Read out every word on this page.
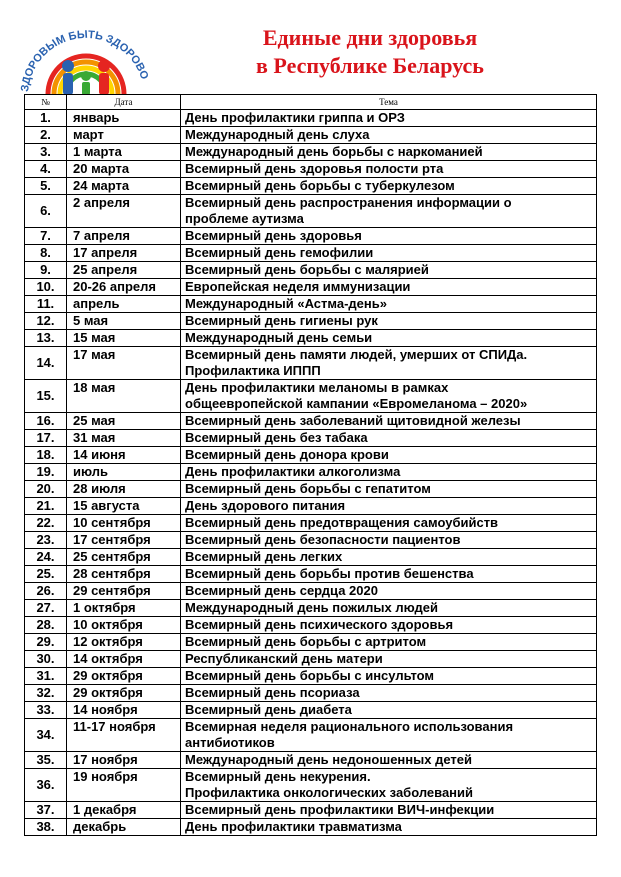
ЗДОРОВЫМ БЫТЬ ЗДОРОВО
Единые дни здоровья
в Республике Беларусь
№	Дата	Тема
1.	январь	День профилактики гриппа и ОРЗ

2.	март	Международный день слуха

3.	1 марта	Международный день борьбы с наркоманией

4.	20 марта	Всемирный день здоровья полости рта

5.	24 марта	Всемирный день борьбы с туберкулезом

6.	2 апреля	Всемирный день распространения информации о
проблеме аутизма

7.	7 апреля	Всемирный день здоровья

8.	17 апреля	Всемирный день гемофилии

9.	25 апреля	Всемирный день борьбы с малярией

10.	20-26 апреля	Европейская неделя иммунизации

11.	апрель	Международный «Астма-день»

12.	5 мая	Всемирный день гигиены рук

13.	15 мая	Международный день семьи

14.	17 мая	Всемирный день памяти людей, умерших от СПИДа.
Профилактика ИППП

15.	18 мая	День профилактики меланомы в рамках
общеевропейской кампании «Евромеланома – 2020»

16.	25 мая	Всемирный день заболеваний щитовидной железы

17.	31 мая	Всемирный день без табака

18.	14 июня	Всемирный день донора крови

19.	июль	День профилактики алкоголизма

20.	28 июля	Всемирный день борьбы с гепатитом

21.	15 августа	День здорового питания

22.	10 сентября	Всемирный день предотвращения самоубийств

23.	17 сентября	Всемирный день безопасности пациентов

24.	25 сентября	Всемирный день легких

25.	28 сентября	Всемирный день борьбы против бешенства

26.	29 сентября	Всемирный день сердца 2020

27.	1 октября	Международный день пожилых людей

28.	10 октября	Всемирный день психического здоровья

29.	12 октября	Всемирный день борьбы с артритом

30.	14 октября	Республиканский день матери

31.	29 октября	Всемирный день борьбы с инсультом

32.	29 октября	Всемирный день псориаза

33.	14 ноября	Всемирный день диабета

34.	11-17 ноября	Всемирная неделя рационального использования
антибиотиков

35.	17 ноября	Международный день недоношенных детей

36.	19 ноября	Всемирный день некурения.
Профилактика онкологических заболеваний

37.	1 декабря	Всемирный день профилактики ВИЧ-инфекции

38.	декабрь	День профилактики травматизма
